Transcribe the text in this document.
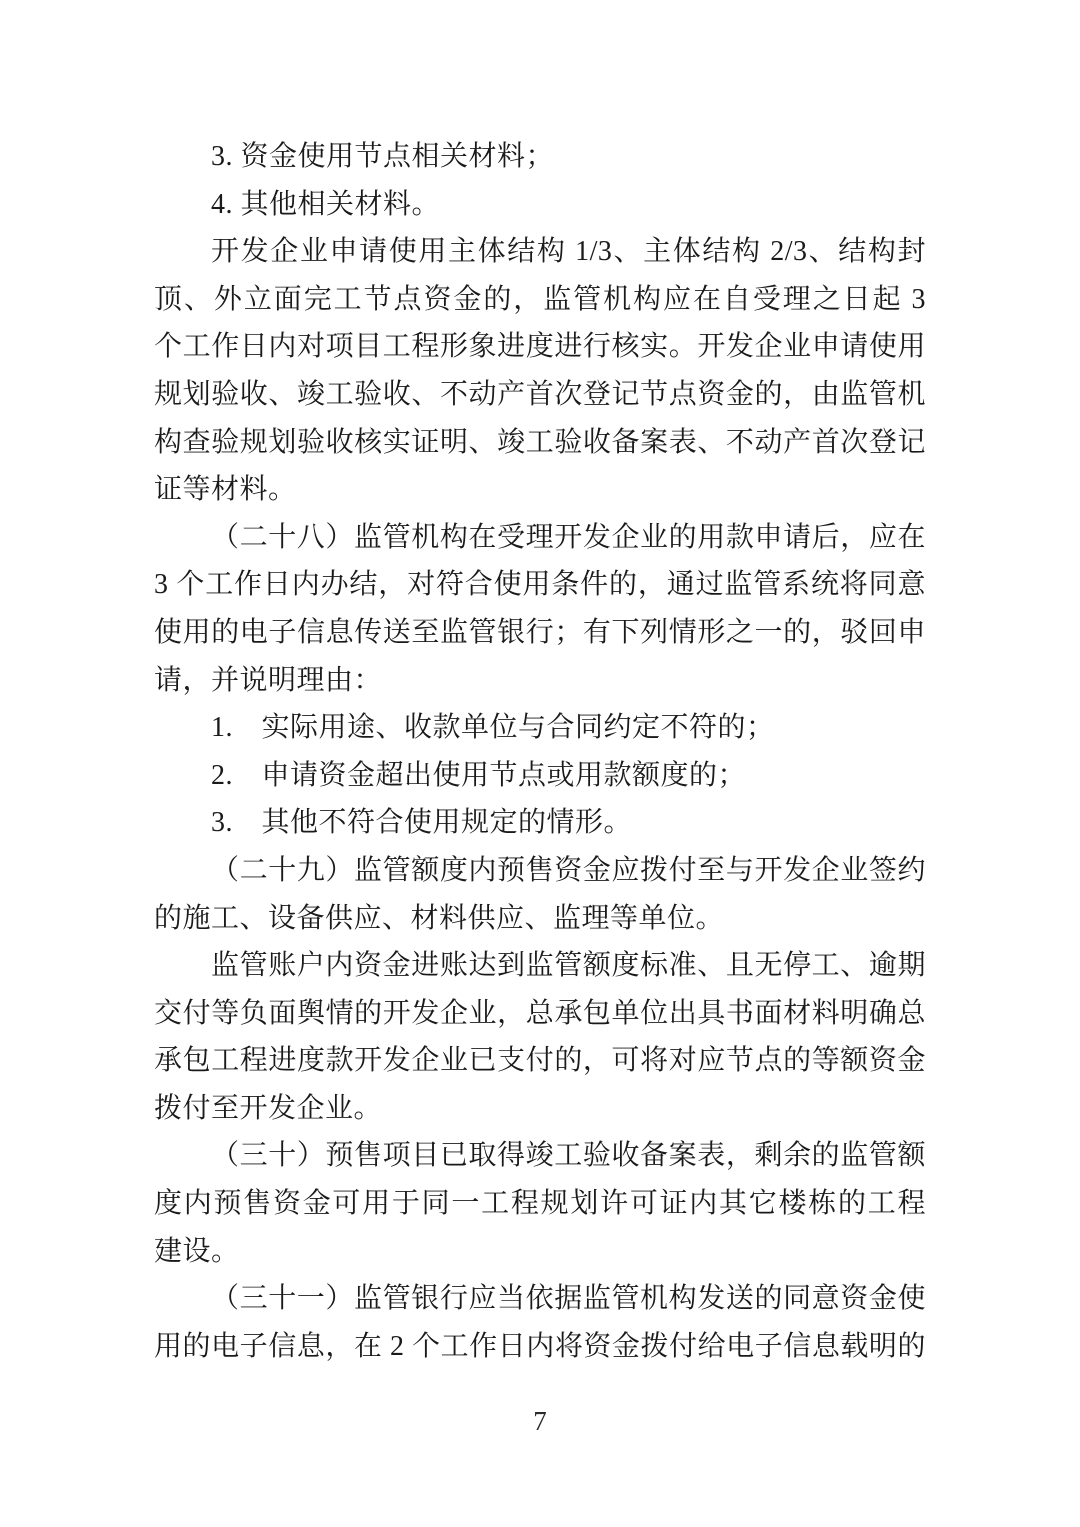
3. 资金使用节点相关材料；
4. 其他相关材料。
开发企业申请使用主体结构 1/3、主体结构 2/3、结构封
顶、外立面完工节点资金的，监管机构应在自受理之日起 3
个工作日内对项目工程形象进度进行核实。开发企业申请使用
规划验收、竣工验收、不动产首次登记节点资金的，由监管机
构查验规划验收核实证明、竣工验收备案表、不动产首次登记
证等材料。
（二十八）监管机构在受理开发企业的用款申请后，应在
3 个工作日内办结，对符合使用条件的，通过监管系统将同意
使用的电子信息传送至监管银行；有下列情形之一的，驳回申
请，并说明理由：
1.　实际用途、收款单位与合同约定不符的；
2.　申请资金超出使用节点或用款额度的；
3.　其他不符合使用规定的情形。
（二十九）监管额度内预售资金应拨付至与开发企业签约
的施工、设备供应、材料供应、监理等单位。
监管账户内资金进账达到监管额度标准、且无停工、逾期
交付等负面舆情的开发企业，总承包单位出具书面材料明确总
承包工程进度款开发企业已支付的，可将对应节点的等额资金
拨付至开发企业。
（三十）预售项目已取得竣工验收备案表，剩余的监管额
度内预售资金可用于同一工程规划许可证内其它楼栋的工程
建设。
（三十一）监管银行应当依据监管机构发送的同意资金使
用的电子信息，在 2 个工作日内将资金拨付给电子信息载明的
7
